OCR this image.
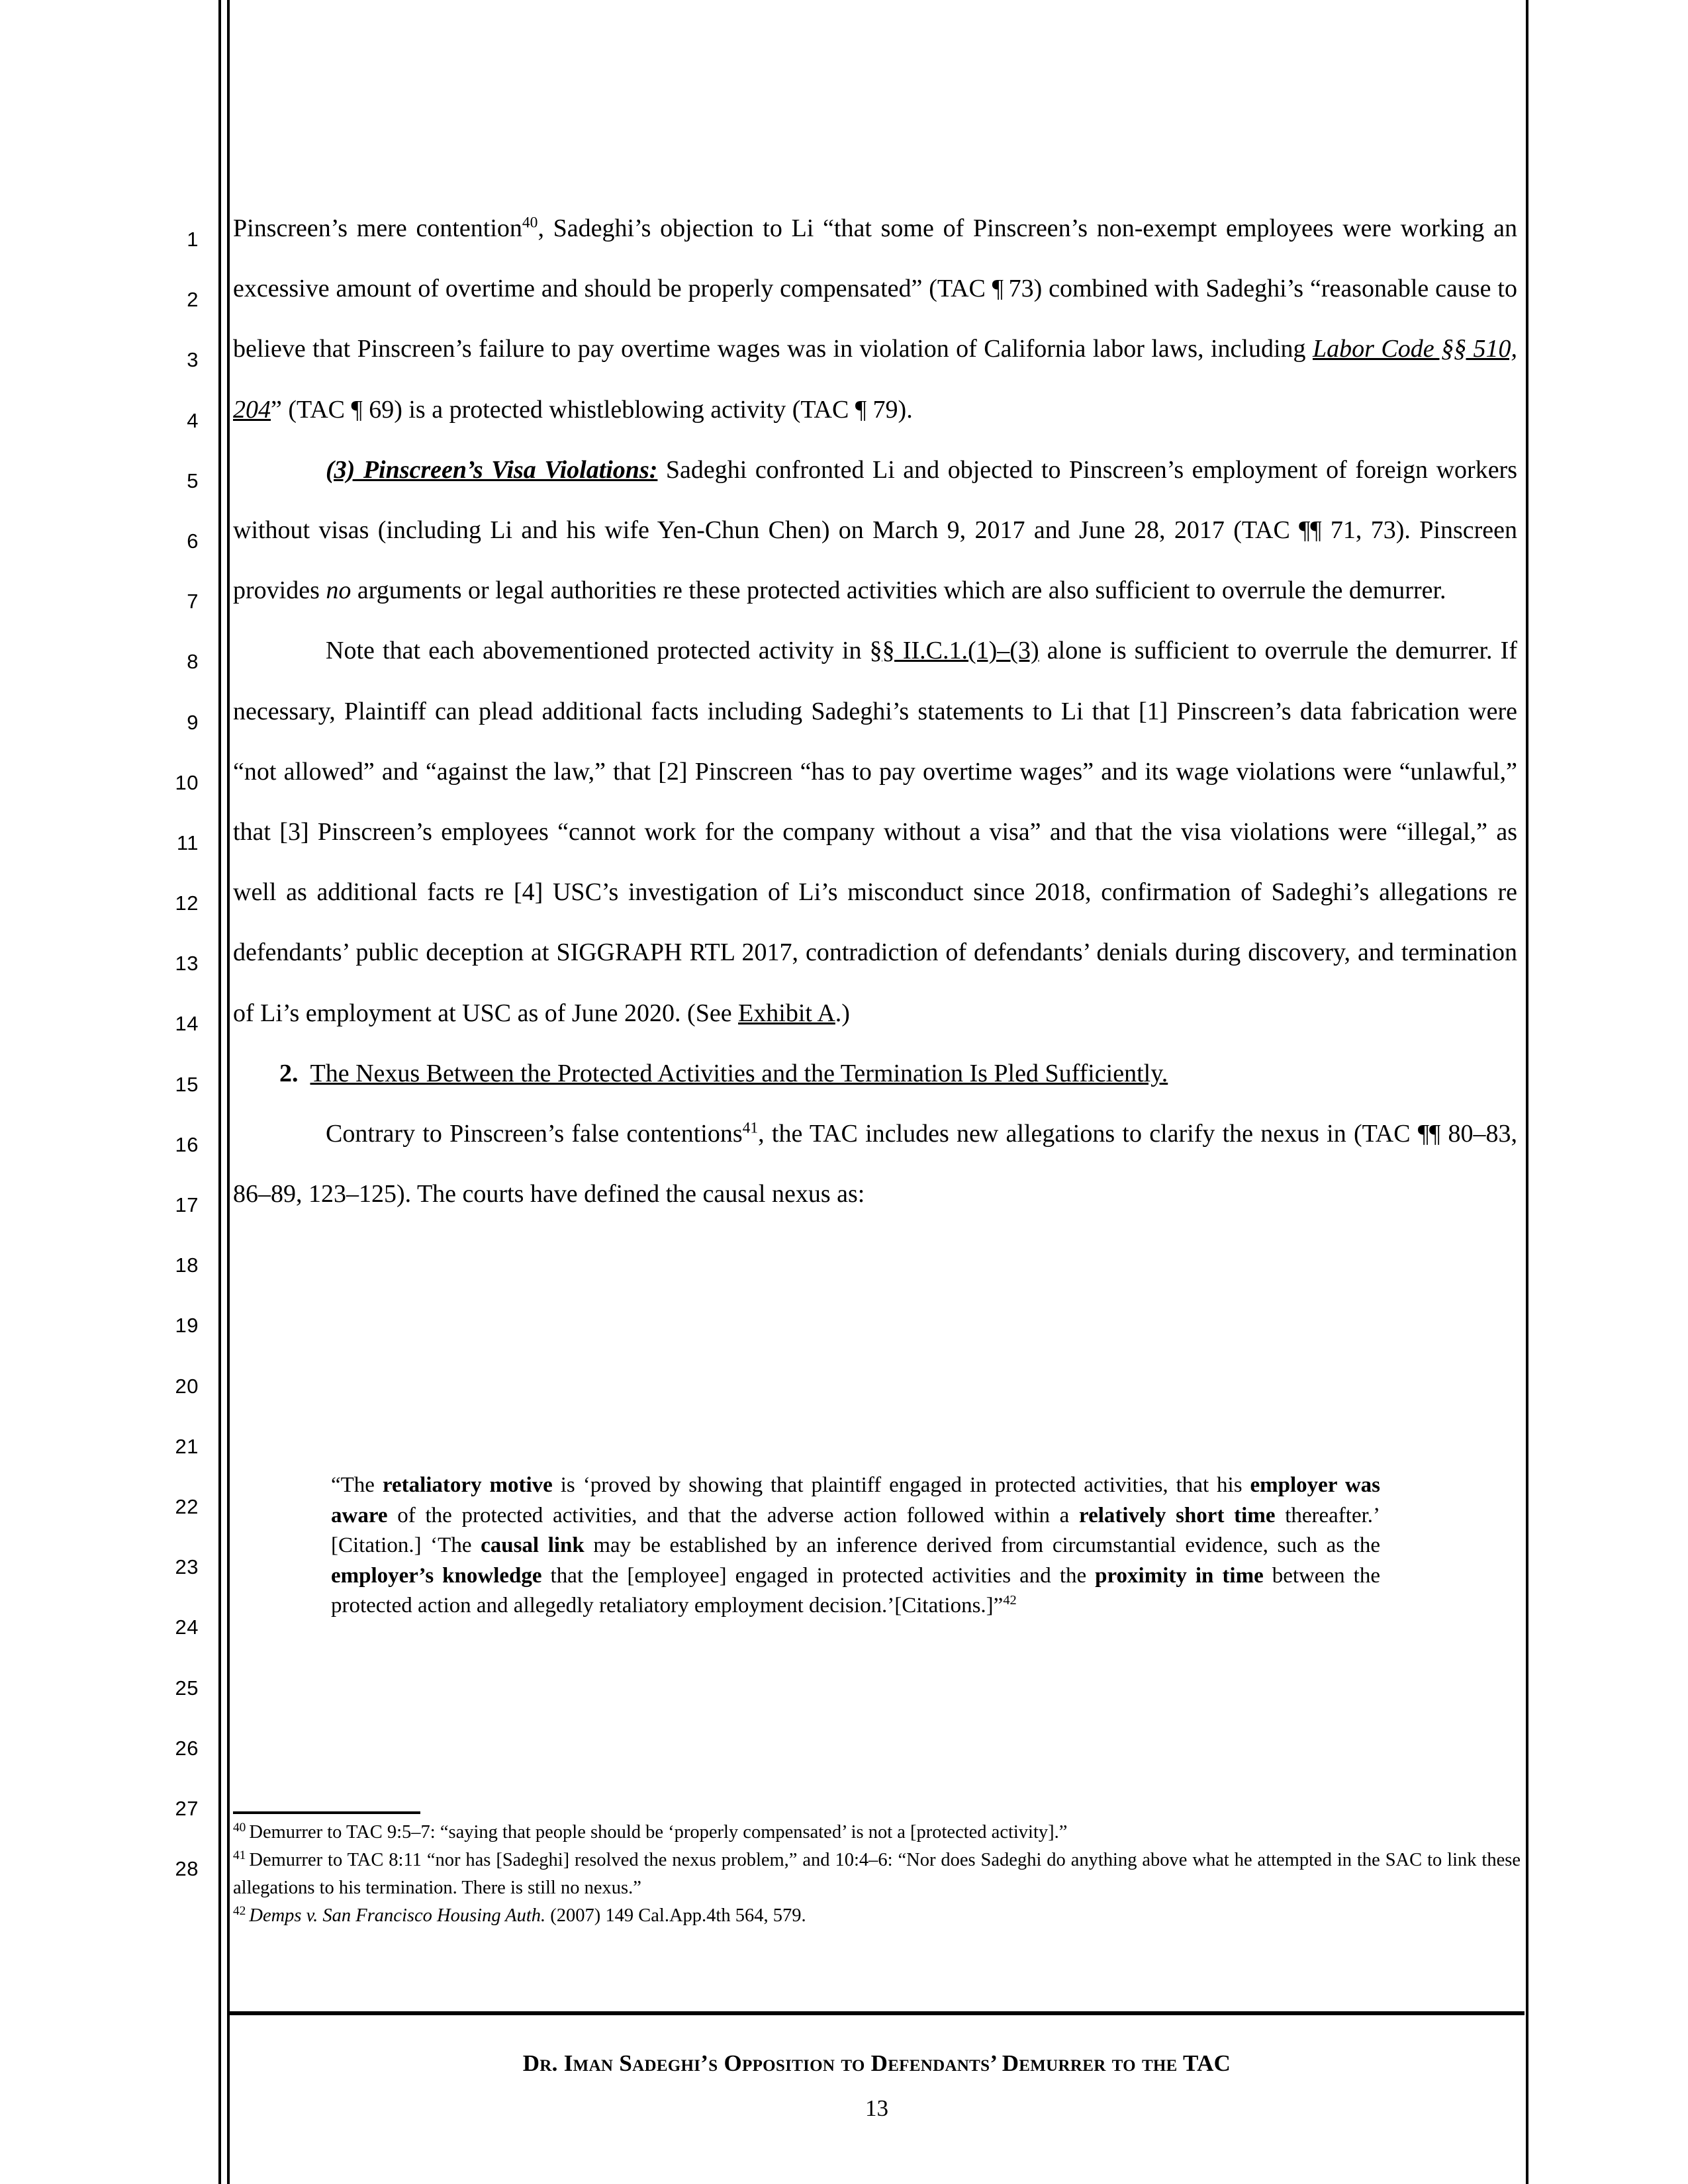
1
2
3
4
5
6
7
8
9
10
11
12
13
14
15
16
17
18
19
20
21
22
23
24
25
26
27
28

Pinscreen’s mere contention$^{40}$, Sadeghi’s objection to Li “that some of Pinscreen’s non-exempt employees were working an excessive amount of overtime and should be properly compensated” (TAC ¶ 73) combined with Sadeghi’s “reasonable cause to believe that Pinscreen’s failure to pay overtime wages was in violation of California labor laws, including Labor Code §§ 510, 204” (TAC ¶ 69) is a protected whistleblowing activity (TAC ¶ 79).

(3) Pinscreen’s Visa Violations: Sadeghi confronted Li and objected to Pinscreen’s employment of foreign workers without visas (including Li and his wife Yen-Chun Chen) on March 9, 2017 and June 28, 2017 (TAC ¶¶ 71, 73). Pinscreen provides no arguments or legal authorities re these protected activities which are also sufficient to overrule the demurrer.

Note that each abovementioned protected activity in §§ II.C.1.(1)–(3) alone is sufficient to overrule the demurrer. If necessary, Plaintiff can plead additional facts including Sadeghi’s statements to Li that [1] Pinscreen’s data fabrication were “not allowed” and “against the law,” that [2] Pinscreen “has to pay overtime wages” and its wage violations were “unlawful,” that [3] Pinscreen’s employees “cannot work for the company without a visa” and that the visa violations were “illegal,” as well as additional facts re [4] USC’s investigation of Li’s misconduct since 2018, confirmation of Sadeghi’s allegations re defendants’ public deception at SIGGRAPH RTL 2017, contradiction of defendants’ denials during discovery, and termination of Li’s employment at USC as of June 2020. (See Exhibit A.)

2. The Nexus Between the Protected Activities and the Termination Is Pled Sufficiently.

Contrary to Pinscreen’s false contentions$^{41}$, the TAC includes new allegations to clarify the nexus in (TAC ¶¶ 80–83, 86–89, 123–125). The courts have defined the causal nexus as:

“The retaliatory motive is ‘proved by showing that plaintiff engaged in protected activities, that his employer was aware of the protected activities, and that the adverse action followed within a relatively short time thereafter.’ [Citation.] ‘The causal link may be established by an inference derived from circumstantial evidence, such as the employer’s knowledge that the [employee] engaged in protected activities and the proximity in time between the protected action and allegedly retaliatory employment decision.’[Citations.]”$^{42}$

$^{40}$ Demurrer to TAC 9:5–7: “saying that people should be ‘properly compensated’ is not a [protected activity].”

$^{41}$ Demurrer to TAC 8:11 “nor has [Sadeghi] resolved the nexus problem,” and 10:4–6: “Nor does Sadeghi do anything above what he attempted in the SAC to link these allegations to his termination. There is still no nexus.”

$^{42}$ Demps v. San Francisco Housing Auth. (2007) 149 Cal.App.4th 564, 579.

Dr. Iman Sadeghi’s Opposition to Defendants’ Demurrer to the TAC
13
